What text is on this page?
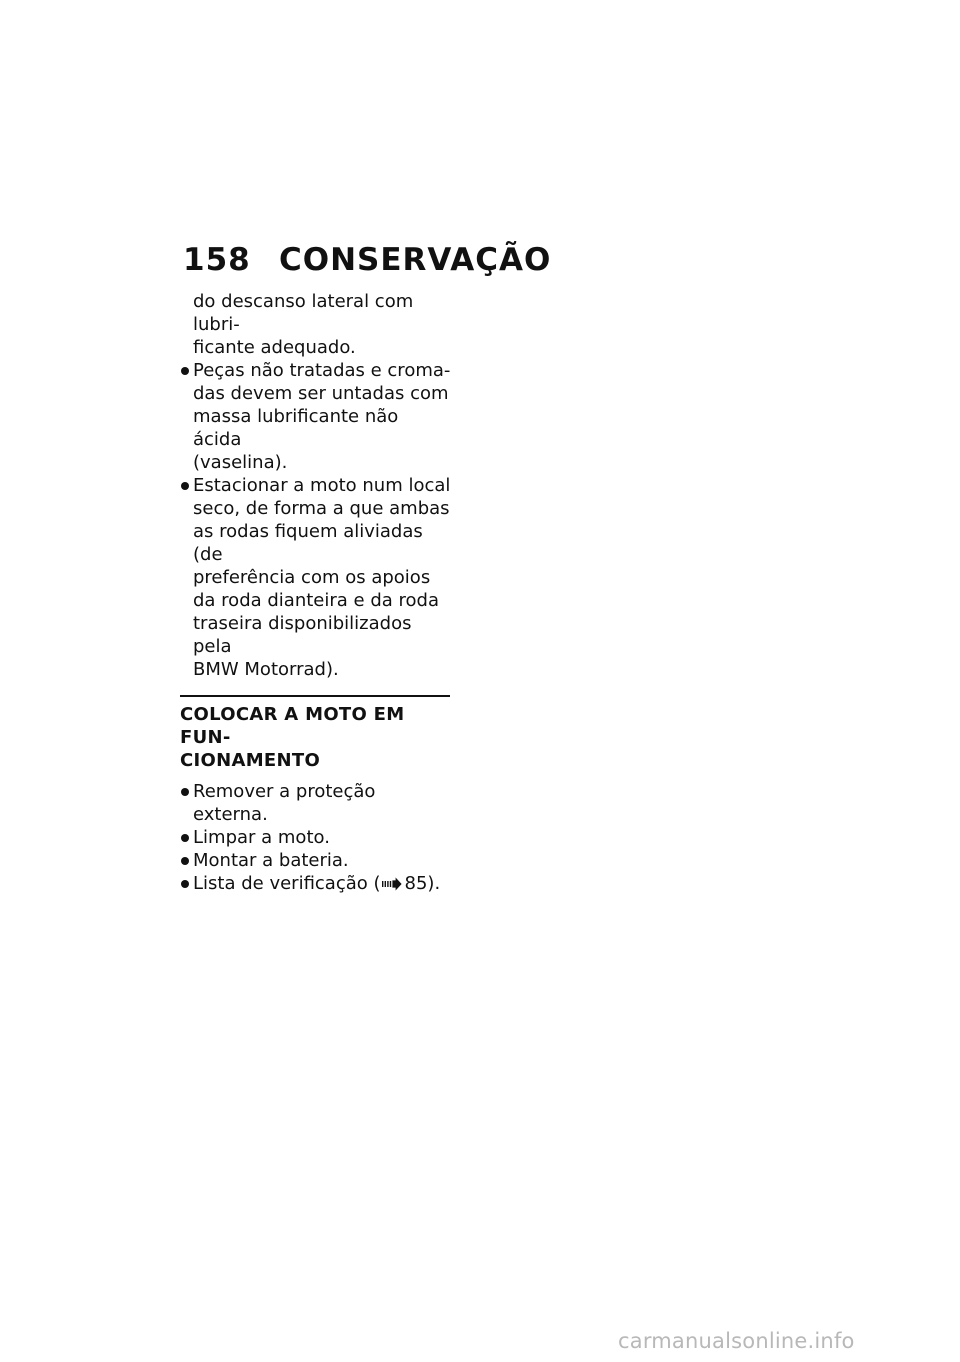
158 CONSERVAÇÃO

do descanso lateral com lubri-
ficante adequado.

Peças não tratadas e croma-
das devem ser untadas com
massa lubrificante não ácida
(vaselina).
Estacionar a moto num local
seco, de forma a que ambas
as rodas fiquem aliviadas (de
preferência com os apoios
da roda dianteira e da roda
traseira disponibilizados pela
BMW Motorrad).
COLOCAR A MOTO EM FUN-
CIONAMENTO
Remover a proteção externa.
Limpar a moto.
Montar a bateria.
Lista de verificação ( 85).
carmanualsonline.info
